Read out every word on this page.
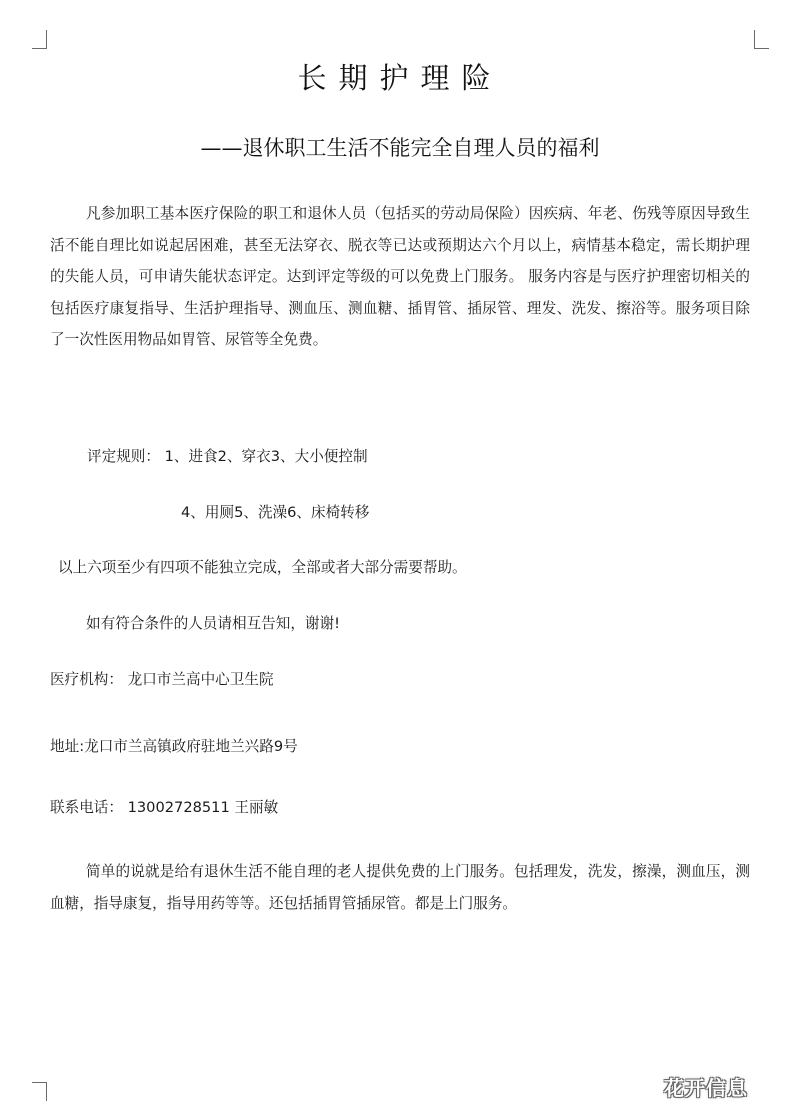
长期护理险
——退休职工生活不能完全自理人员的福利

凡参加职工基本医疗保险的职工和退休人员（包括买的劳动局保险）因疾病、年老、伤残等原因导致生活不能自理比如说起居困难，甚至无法穿衣、脱衣等已达或预期达六个月以上，病情基本稳定，需长期护理的失能人员，可申请失能状态评定。达到评定等级的可以免费上门服务。 服务内容是与医疗护理密切相关的包括医疗康复指导、生活护理指导、测血压、测血糖、插胃管、插尿管、理发、洗发、擦浴等。服务项目除了一次性医用物品如胃管、尿管等全免费。

评定规则： 1、进食2、穿衣3、大小便控制
4、用厕5、洗澡6、床椅转移
以上六项至少有四项不能独立完成，全部或者大部分需要帮助。
如有符合条件的人员请相互告知，谢谢!
医疗机构： 龙口市兰高中心卫生院
地址:龙口市兰高镇政府驻地兰兴路9号
联系电话： 13002728511 王丽敏

简单的说就是给有退休生活不能自理的老人提供免费的上门服务。包括理发，洗发，擦澡，测血压，测血糖，指导康复，指导用药等等。还包括插胃管插尿管。都是上门服务。

花开信息
